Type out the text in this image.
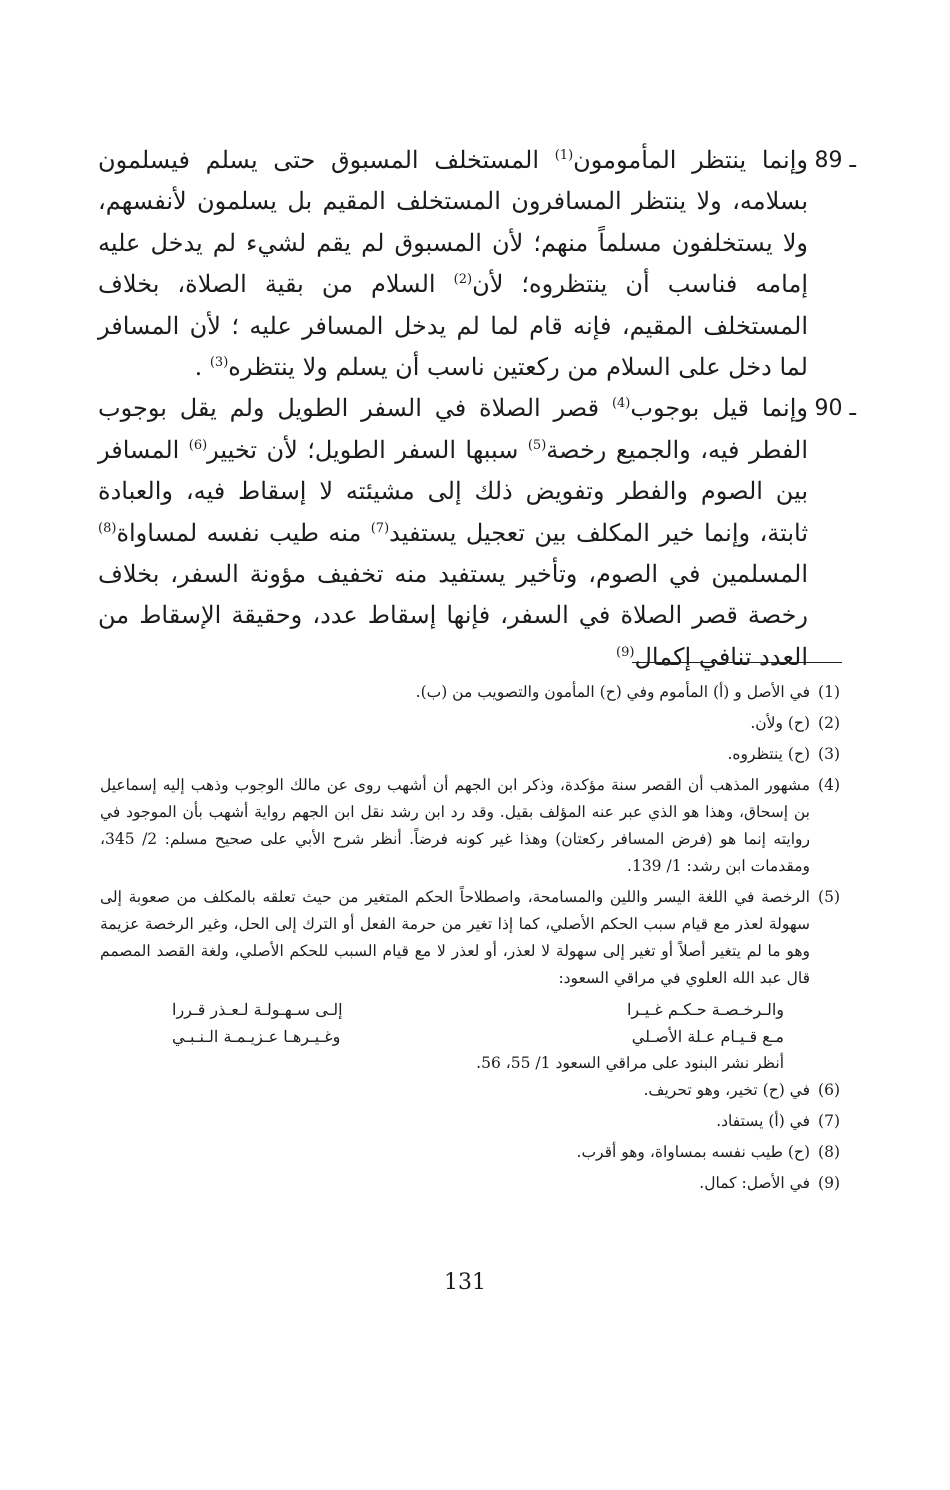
89 ـ
وإنما ينتظر المأمومون$^{(1)}$ المستخلف المسبوق حتى يسلم فيسلمون بسلامه، ولا ينتظر المسافرون المستخلف المقيم بل يسلمون لأنفسهم، ولا يستخلفون مسلماً منهم؛ لأن المسبوق لم يقم لشيء لم يدخل عليه إمامه فناسب أن ينتظروه؛ لأن$^{(2)}$ السلام من بقية الصلاة، بخلاف المستخلف المقيم، فإنه قام لما لم يدخل المسافر عليه ؛ لأن المسافر لما دخل على السلام من ركعتين ناسب أن يسلم ولا ينتظره$^{(3)}$ .

90 ـ
وإنما قيل بوجوب$^{(4)}$ قصر الصلاة في السفر الطويل ولم يقل بوجوب الفطر فيه، والجميع رخصة$^{(5)}$ سببها السفر الطويل؛ لأن تخيير$^{(6)}$ المسافر بين الصوم والفطر وتفويض ذلك إلى مشيئته لا إسقاط فيه، والعبادة ثابتة، وإنما خير المكلف بين تعجيل يستفيد$^{(7)}$ منه طيب نفسه لمساواة$^{(8)}$ المسلمين في الصوم، وتأخير يستفيد منه تخفيف مؤونة السفر، بخلاف رخصة قصر الصلاة في السفر، فإنها إسقاط عدد، وحقيقة الإسقاط من العدد تنافي إكمال$^{(9)}$

(1)
في الأصل و (أ) المأموم وفي (ح) المأمون والتصويب من (ب).

(2)
(ح) ولأن.

(3)
(ح) ينتظروه.

(4)
مشهور المذهب أن القصر سنة مؤكدة، وذكر ابن الجهم أن أشهب روى عن مالك الوجوب وذهب إليه إسماعيل بن إسحاق، وهذا هو الذي عبر عنه المؤلف بقيل. وقد رد ابن رشد نقل ابن الجهم رواية أشهب بأن الموجود في روايته إنما هو (فرض المسافر ركعتان) وهذا غير كونه فرضاً. أنظر شرح الأبي على صحيح مسلم: 2/ 345، ومقدمات ابن رشد: 1/ 139.

(5)
الرخصة في اللغة اليسر واللين والمسامحة، واصطلاحاً الحكم المتغير من حيث تعلقه بالمكلف من صعوبة إلى سهولة لعذر مع قيام سبب الحكم الأصلي، كما إذا تغير من حرمة الفعل أو الترك إلى الحل، وغير الرخصة عزيمة وهو ما لم يتغير أصلاً أو تغير إلى سهولة لا لعذر، أو لعذر لا مع قيام السبب للحكم الأصلي، ولغة القصد المصمم قال عبد الله العلوي في مراقي السعود:

والـرخـصـة حـكـم غـيـرا
إلـى سـهـولـة لـعـذر قـررا
مـع قـيـام عـلة الأصـلي
وغـيـرهـا عـزيـمـة الـنـبـي

أنظر نشر البنود على مراقي السعود 1/ 55، 56.

(6)
في (ح) تخير، وهو تحريف.

(7)
في (أ) يستفاد.

(8)
(ح) طيب نفسه بمساواة، وهو أقرب.

(9)
في الأصل: كمال.

131
